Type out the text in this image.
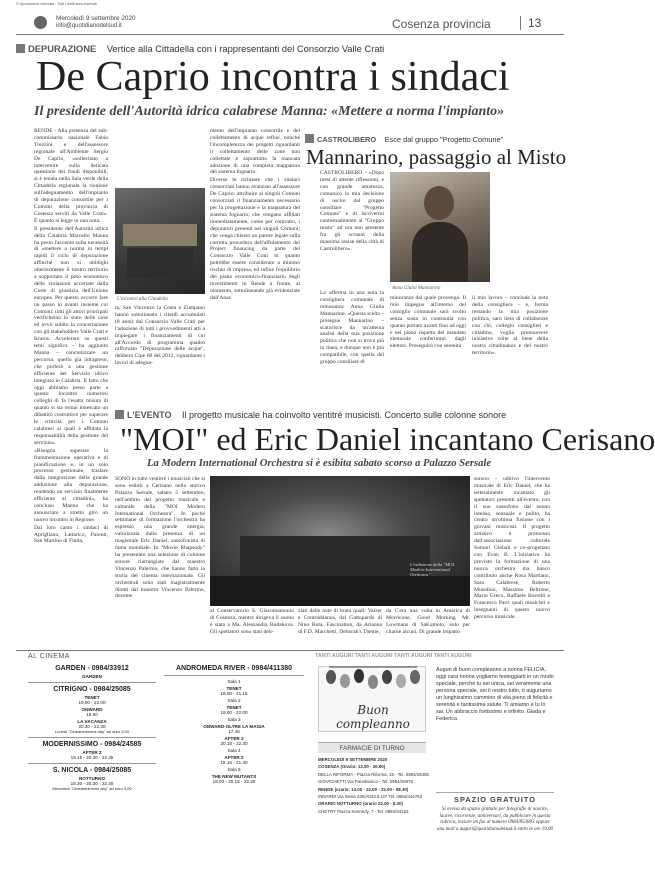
© riproduzione riservata · Tutti i diritti sono riservati
Mercoledì 9 settembre 2020
info@quotidianodelsud.it	Cosenza provincia	13
DEPURAZIONE Vertice alla Cittadella con i rappresentanti del Consorzio Valle Crati
De Caprio incontra i sindaci
Il presidente dell'Autorità idrica calabrese Manna: «Mettere a norma l'impianto»

RENDE - Alla presenza del sub-commissario nazionale Fabio Trezzini e dell'assessore regionale all'Ambiente Sergio De Caprio, «sollecitato a intervenire sulla delicata questione dei fondi disponibili, si è tenuta nella Sala verde della Cittadella regionale la riunione sull'adeguamento dell'impianto di depurazione consortile per i Comuni della provincia di Cosenza serviti da Valle Crati». È quanto si legge in una nota.

Il presidente dell'Autorità idrica della Calabria Marcello Manna ha posto l'accento sulla necessità di «mettere a norma in tempi rapidi il ciclo di depurazione affinché non si obblighi ulteriormente il nostro territorio a sopportare il peso economico delle violazioni accertate dalla Corte di giustizia dell'Unione europea. Per questo occorre fare un passo in avanti insieme coi Comuni: tutti gli attori principali verificheino lo stato delle cose ed avvii subito la concertazione con gli stakeholders Valle Crati e Kratos. Accelerare su questi temi significa – ha aggiunto Manna – concretizzare un percorso, quello già intrapreso, che porterà a una gestione efficiente del Servizio idrico integrato in Calabria. Il fatto che oggi abbiamo preso parte a questo incontro numerosi colleghi di fa l'esatta misura di quanto si sia ormai innescato un dibattito costruttivo per superare le criticità per i Comuni calabresi ai quali è affidata la responsabilità della gestione del servizio».

«Bisogna superare la frammentazione operativa e di pianificazione e, in un solo processo gestionale, traslare dalla integrazione della grande adduzione alla depurazione, rendendo un servizio finalmente efficiente ai cittadini», ha concluso Manna che ha annunciato a stretto giro un nuovo incontro in Regione.

Dal loro canto i sindaci di Aprigliano, Lattarico, Parenti, San Martino di Finita,

L'incontro alla Cittadella
ta, San Vincenzo la Costa e Zumpano hanno sottolineato i ritardi accumulati (8 anni) dal Consorzio Valle Crati per l'adozione di tutti i provvedimenti atti a impiegare i finanziamenti di cui all'Accordo di programma quadro rafforzato "Depurazione delle acque", delibera Cipe 60 del 2012, riguardante i lavori di adegua-

mento dell'impianto consortile e del collettamento di acque reflue, nonché l'incompletezza dei progetti riguardanti il collettamento delle zone non collettate e soprattutto la mancata adozione di una completa mappatura del sistema fognario.

Diverse le richieste che i sindaci consorziati hanno avanzato all'assessore De Caprio: attribuire ai singoli Comuni consorziati il finanziamento necessario per la progettazione e la mappatura del sistema fognario; che vengano affidati immediatamente, come per contratto, i depuratori presenti nei singoli Comuni; che venga chiesto un parere legale sulla corretta procedura dell'affidamento del Project financing da parte del Consorzio Valle Crati in quanto potrebbe essere considerato a minimo rischio di impresa, ed infine l'equilibrio del piano economico-finanziario degli investimenti in Rende a fronte, al momento, sottolineando già evidenziate dall'Anac.

CASTROLIBERO Esce dal gruppo "Progetto Comune"
Mannarino, passaggio al Misto
CASTROLIBERO - «Dopo mesi di attente riflessioni, e con grande amarezza, comunico la mia decisione di uscire dal gruppo consiliare "Progetto Comune" e di iscrivermi contestualmente al "Gruppo misto" ad ora non presente fra gli scranni della massima assise della città di Castrolibero».
Anna Giulia Mannarino
Lo afferma in una nota la consigliera comunale di minoranza Anna Giulia Mannarino. «Questa scelta – prosegue Mannarino – scaturisce da un'attenta analisi della mia posizione politica che non si trova più in linea, e dunque non è più compatibile, con quella del gruppo consiliare di
minoranza dal quale provengo. Il mio impegno all'interno del consiglio comunale sarà svolto senza sosta in continuità con quanto portato avanti fino ad oggi e nel pieno rispetto del mandato elettorale conferitomi dagli elettori. Proseguirò con serenità
il mio lavoro – conclude la nota della consigliera – e, forma restando la mia posizione politica, sarò lieta di collaborare con chi, colleghi consiglieri e cittadino, voglia promuovere iniziative volte al bene della nostra cittadinanza e del nostro territorio».
L'EVENTO Il progetto musicale ha coinvolto ventitré musicisti. Concerto sulle colonne sonore
"MOI" ed Eric Daniel incantano Cerisano
La Modern International Orchestra si è esibita sabato scorso a Palazzo Sersale
SONO in tutto ventitré i musicisti che si sono esibiti a Cerisano nello storico Palazzo Sersale, sabato 5 settembre, nell'ambito del progetto musicale e culturale della "MOI Modern International Orchestra". In poche settimane di formazione l'orchestra ha espresso una grande energia, valorizzata dalla presenza di un magistrale Eric Daniel, sassofonista di fama mondiale. In "Movie Rhapsody" ha presentato una selezione di colonne sonore riarrangiate dal maestro Vincenzo Palermo, che hanno fatto la storia del cinema internazionale. Gli orchestrali sono stati magistralmente diretti dal maestro Vincenzo Palermo, docente
L'esibizione della "MOI Modern International Orchestra"
al Conservatorio S. Giacomantonio di Cosenza, mentre dirigeva il suono è stata a Ma. Alessandra Rudakova. Gli spettatori sono stati deli-
ziati dalle note di brani quali: Valzer e Contraddanza, dal Gattopardo di Nino Rota, Fascination, da Arianna di F.D. Marchetti, Deborah's Theme,
da C'era una volta in America di Morricone, Good Morning Mr. Lowmans di SaKamoto, solo per citarne alcuni. Di grande impatto
sonoro - uditivo l'intervento musicale di Eric Daniel, che ha letteralmente incantato gli spettatori presenti all'evento, con il suo sassofono dal suono intenso, sensuale e pulito, ha creato un'ottima fusione con i giovani musicisti. Il progetto artistico è promosso dall'associazione culturale Somari Globali e co-progettato con Evan B. L'iniziativa ha previsto la formazione di una nuova orchestra ma banco contributo anche Rosa Martiano, Sara Calabrese, Roberto Musolino, Massimo Beltrone, Mario Greco, Raffaele Borrelli e Francesco Parri quali musicisti e insegnanti di questo nuovo percorso musicale.
AL CINEMA	TANTI AUGURI TANTI AUGURI TANTI AUGURI TANTI AUGURI
GARDEN - 0984/33912
GARDEN
CITRIGNO - 0984/25085
TENET
19.00 - 22.00
ONWARD
18.00
LA VACANZA
20.30 - 22.30
Lunedì "Cineamnimomi day" ad euro 3,00
MODERNISSIMO - 0984/24585
AFTER 2
18.15 - 20.30 - 22.45
S. NICOLA - 0984/25085
NOTTURNO
18.30 - 20.30 - 22.30
Mercoledì "Cineamnimomi day" ad euro 3,00
ANDROMEDA RIVER - 0984/411380
Sala 1
TENET
18.00 - 21.15
Sala 2
TENET
19.00 - 22.00
Sala 3
ONWARD-OLTRE LA MAGIA
17.45
AFTER 2
20.15 - 22.30
Sala 4
AFTER 2
18.15 - 21.30
Sala 5
THE NEW MUTANTS
18.00 - 20.15 - 22.30
Buon compleanno
Auguri di buon compleanno a nonna FELICIA, oggi cara nonna vogliamo festeggiarti in un modo speciale, perché tu sei unica, sei veramente una persona speciale, sei il nostro tutto, ti auguriamo un lunghissimo cammino di vita pieno di felicità e serenità e tantissima salute. Ti amiamo e tu lo sai. Un abbraccio fortissimo e infinito. Giada e Federica
FARMACIE DI TURNO
MERCOLEDÌ 9 SETTEMBRE 2020
COSENZA (Orario: 13.00 - 20.00)
DELLA RIFORMA - Piazza Riforma, 15 - Tel. 0984/26485
GIOVICHETTI Via Panebianco - Tel. 0984/26970
RENDE (orario: 13.00 - 22.00 - 22.00 - 08.30)
INNARDI Via Sesia 430/A033.5.10* Tel. 0984/444753
ORARIO NOTTURNO (orario 22.00 - 8.30)
CHETRY Piazza Kennedy, 7 - Tel. 0984/34153
SPAZIO GRATUITO
Si avvisa da spazio gratuito per fotografie di nascite, lauree, ricorrenze, anniversari, da pubblicare in questa rubrica, inviare un fax al numero 0984/853893 oppure una mail a auguri@quotidianodelsud.it entro le ore 19.00
